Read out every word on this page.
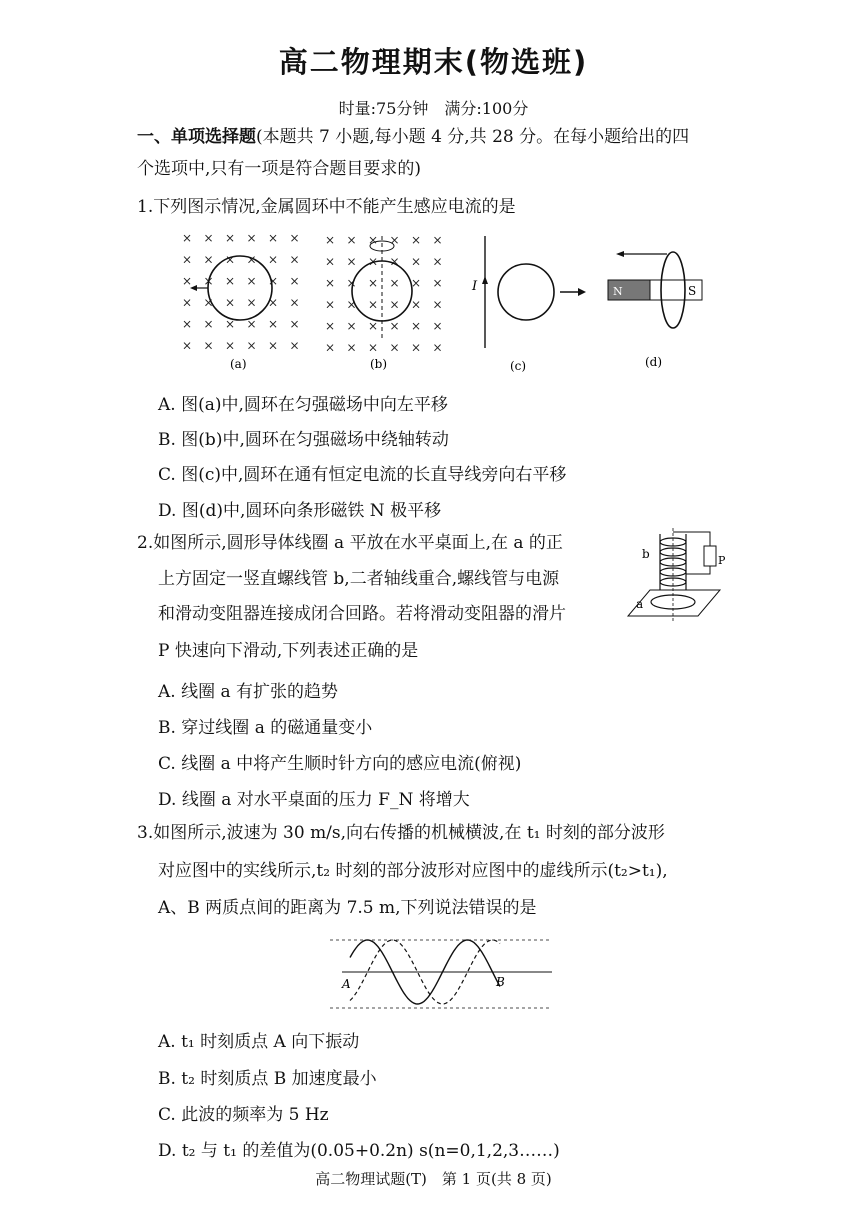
高二物理期末(物选班)
时量:75分钟　满分:100分
一、单项选择题(本题共 7 小题,每小题 4 分,共 28 分。在每小题给出的四
个选项中,只有一项是符合题目要求的)
1.下列图示情况,金属圆环中不能产生感应电流的是
× × × × × ×
× × × × × ×
× × × × × ×
× × × × × ×
× × × × × ×
× × × × × ×
(a)
× × × × × ×
× × × × × ×
× × × × × ×
× × × × × ×
× × × × × ×
× × × × × ×
(b)
I
(c)
N	S
(d)
A. 图(a)中,圆环在匀强磁场中向左平移
B. 图(b)中,圆环在匀强磁场中绕轴转动
C. 图(c)中,圆环在通有恒定电流的长直导线旁向右平移
D. 图(d)中,圆环向条形磁铁 N 极平移
2.如图所示,圆形导体线圈 a 平放在水平桌面上,在 a 的正
上方固定一竖直螺线管 b,二者轴线重合,螺线管与电源
和滑动变阻器连接成闭合回路。若将滑动变阻器的滑片
P 快速向下滑动,下列表述正确的是
P
b
a
A. 线圈 a 有扩张的趋势
B. 穿过线圈 a 的磁通量变小
C. 线圈 a 中将产生顺时针方向的感应电流(俯视)
D. 线圈 a 对水平桌面的压力 F_N 将增大
3.如图所示,波速为 30 m/s,向右传播的机械横波,在 t₁ 时刻的部分波形
对应图中的实线所示,t₂ 时刻的部分波形对应图中的虚线所示(t₂>t₁),
A、B 两质点间的距离为 7.5 m,下列说法错误的是
A	B
A. t₁ 时刻质点 A 向下振动
B. t₂ 时刻质点 B 加速度最小
C. 此波的频率为 5 Hz
D. t₂ 与 t₁ 的差值为(0.05+0.2n) s(n=0,1,2,3……)
高二物理试题(T)　第 1 页(共 8 页)
